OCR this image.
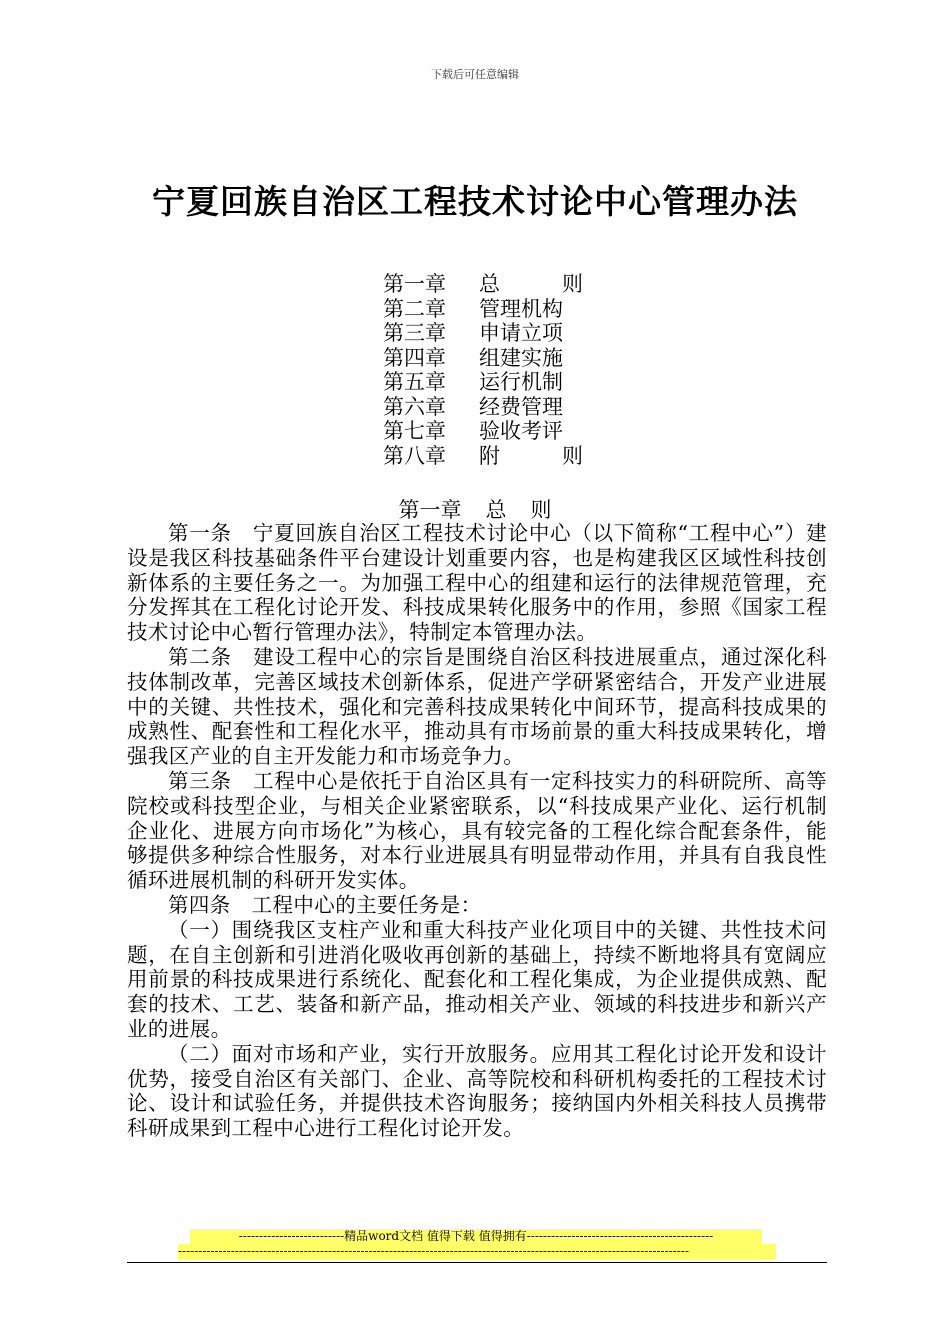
下载后可任意编辑
宁夏回族自治区工程技术讨论中心管理办法
第一章	总	则
第二章	管理机构
第三章	申请立项
第四章	组建实施
第五章	运行机制
第六章	经费管理
第七章	验收考评
第八章	附	则
第一章 总 则

第一条　宁夏回族自治区工程技术讨论中心（以下简称“工程中心”）建设是我区科技基础条件平台建设计划重要内容，也是构建我区区域性科技创新体系的主要任务之一。为加强工程中心的组建和运行的法律规范管理，充分发挥其在工程化讨论开发、科技成果转化服务中的作用，参照《国家工程技术讨论中心暂行管理办法》，特制定本管理办法。

第二条　建设工程中心的宗旨是围绕自治区科技进展重点，通过深化科技体制改革，完善区域技术创新体系，促进产学研紧密结合，开发产业进展中的关键、共性技术，强化和完善科技成果转化中间环节，提高科技成果的成熟性、配套性和工程化水平，推动具有市场前景的重大科技成果转化，增强我区产业的自主开发能力和市场竞争力。

第三条　工程中心是依托于自治区具有一定科技实力的科研院所、高等院校或科技型企业，与相关企业紧密联系，以“科技成果产业化、运行机制企业化、进展方向市场化”为核心，具有较完备的工程化综合配套条件，能够提供多种综合性服务，对本行业进展具有明显带动作用，并具有自我良性循环进展机制的科研开发实体。

第四条　工程中心的主要任务是：

（一）围绕我区支柱产业和重大科技产业化项目中的关键、共性技术问题，在自主创新和引进消化吸收再创新的基础上，持续不断地将具有宽阔应用前景的科技成果进行系统化、配套化和工程化集成，为企业提供成熟、配套的技术、工艺、装备和新产品，推动相关产业、领域的科技进步和新兴产业的进展。

（二）面对市场和产业，实行开放服务。应用其工程化讨论开发和设计优势，接受自治区有关部门、企业、高等院校和科研机构委托的工程技术讨论、设计和试验任务，并提供技术咨询服务；接纳国内外相关科技人员携带科研成果到工程中心进行工程化讨论开发。

--------------------------精品word文档 值得下载 值得拥有----------------------------------------------
------------------------------------------------------------------------------------------------------------------------------
